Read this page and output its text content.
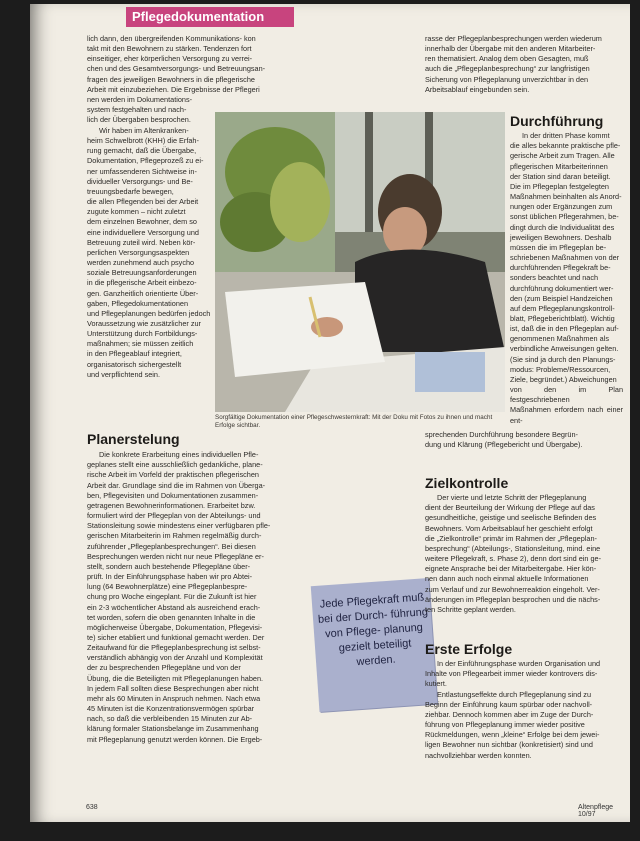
Pflegedokumentation

lich dann, den übergreifenden Kommunikations- kon

takt mit den Bewohnern zu stärken. Tendenzen fort

einseitiger, eher körperlichen Versorgung zu verrei-

chen und des Gesamtversorgungs- und Betreuungsan-

fragen des jeweiligen Bewohners in die pflegerische

Arbeit mit einzubeziehen. Die Ergebnisse der Pflegeri

nen werden im Dokumentations-

system festgehalten und nach-

lich der Übergaben besprochen.

Wir haben im Altenkranken-

heim Schwelbrott (KHH) die Erfah-

rung gemacht, daß die Übergabe,

Dokumentation, Pflegeprozeß zu ei-

ner umfassenderen Sichtweise in-

dividueller Versorgungs- und Be-

treuungsbedarfe bewegen,

die allen Pflegenden bei der Arbeit

zugute kommen – nicht zuletzt

dem einzelnen Bewohner, dem so

eine individuellere Versorgung und

Betreuung zuteil wird. Neben kör-

perlichen Versorgungsaspekten

werden zunehmend auch psycho

soziale Betreuungsanforderungen

in die pflegerische Arbeit einbezo-

gen. Ganzheitlich orientierte Über-

gaben, Pflegedokumentationen

und Pflegeplanungen bedürfen jedoch

Voraussetzung wie zusätzlicher zur

Unterstützung durch Fortbildungs-

maßnahmen; sie müssen zeitlich

in den Pflegeablauf integriert,

organisatorisch sichergestellt

und verpflichtend sein.

rasse der Pflegeplanbesprechungen werden wiederum

innerhalb der Übergabe mit den anderen Mitarbeiter-

ren thematisiert. Analog dem oben Gesagten, muß

auch die „Pflegeplanbesprechung“ zur langfristigen

Sicherung von Pflegeplanung unverzichtbar in den

Arbeitsablauf eingebunden sein.

Sorgfältige Dokumentation einer Pflegeschwesternkraft: Mit der Doku mit Fotos zu ihnen und macht Erfolge sichtbar.
Durchführung

In der dritten Phase kommt

die alles bekannte praktische pfle-

gerische Arbeit zum Tragen. Alle

pflegerischen Mitarbeiterinnen

der Station sind daran beteiligt.

Die im Pflegeplan festgelegten

Maßnahmen beinhalten als Anord-

nungen oder Ergänzungen zum

sonst üblichen Pflegerahmen, be-

dingt durch die Individualität des

jeweiligen Bewohners. Deshalb

müssen die im Pflegeplan be-

schriebenen Maßnahmen von der

durchführenden Pflegekraft be-

sonders beachtet und nach

durchführung dokumentiert wer-

den (zum Beispiel Handzeichen

auf dem Pflegeplanungskontroll-

blatt, Pflegeberichtblatt). Wichtig

ist, daß die in den Pflegeplan auf-

genommenen Maßnahmen als

verbindliche Anweisungen gelten.

(Sie sind ja durch den Planungs-

modus: Probleme/Ressourcen,

Ziele, begründet.) Abweichungen

von den im Plan festgeschriebenen

Maßnahmen erfordern nach einer ent-

sprechenden Durchführung besondere Begrün-

dung und Klärung (Pflegebericht und Übergabe).

Planerstelung

Die konkrete Erarbeitung eines individuellen Pfle-

geplanes stellt eine ausschließlich gedankliche, plane-

rische Arbeit im Vorfeld der praktischen pflegerischen

Arbeit dar. Grundlage sind die im Rahmen von Überga-

ben, Pflegevisiten und Dokumentationen zusammen-

getragenen Bewohnerinformationen. Erarbeitet bzw.

formuliert wird der Pflegeplan von der Abteilungs- und

Stationsleitung sowie mindestens einer verfügbaren pfle-

gerischen Mitarbeiterin im Rahmen regelmäßig durch-

zuführender „Pflegeplanbesprechungen“. Bei diesen

Besprechungen werden nicht nur neue Pflegepläne er-

stellt, sondern auch bestehende Pflegepläne über-

prüft. In der Einführungsphase haben wir pro Abtei-

lung (64 Bewohnerplätze) eine Pflegeplanbespre-

chung pro Woche eingeplant. Für die Zukunft ist hier

ein 2-3 wöchentlicher Abstand als ausreichend erach-

tet worden, sofern die oben genannten Inhalte in die

möglicherweise Übergabe, Dokumentation, Pflegevisi-

te) sicher etabliert und funktional gemacht werden. Der

Zeitaufwand für die Pflegeplanbesprechung ist selbst-

verständlich abhängig von der Anzahl und Komplexität

der zu besprechenden Pflegepläne und von der

Übung, die die Beteiligten mit Pflegeplanungen haben.

In jedem Fall sollten diese Besprechungen aber nicht

mehr als 60 Minuten in Anspruch nehmen. Nach etwa

45 Minuten ist die Konzentrationsvermögen spürbar

nach, so daß die verbleibenden 15 Minuten zur Ab-

klärung formaler Stationsbelange im Zusammenhang

mit Pflegeplanung genutzt werden können. Die Ergeb-

Jede Pflegekraft muß bei der Durch- führung von Pflege- planung gezielt beteiligt werden.
Zielkontrolle

Der vierte und letzte Schritt der Pflegeplanung

dient der Beurteilung der Wirkung der Pflege auf das

gesundheitliche, geistige und seelische Befinden des

Bewohners. Vom Arbeitsablauf her geschieht erfolgt

die „Zielkontrolle“ primär im Rahmen der „Pflegeplan-

besprechung“ (Abteilungs-, Stationsleitung, mind. eine

weitere Pflegekraft, s. Phase 2), denn dort sind ein ge-

eignete Ansprache bei der Mitarbeitergabe. Hier kön-

nen dann auch noch einmal aktuelle Informationen

zum Verlauf und zur Bewohnerreaktion eingeholt. Ver-

änderungen im Pflegeplan besprochen und die nächs-

ten Schritte geplant werden.

Erste Erfolge

In der Einführungsphase wurden Organisation und

Inhalte von Pflegearbeit immer wieder kontrovers dis-

kutiert.

Entlastungseffekte durch Pflegeplanung sind zu

Beginn der Einführung kaum spürbar oder nachvoll-

ziehbar. Dennoch kommen aber im Zuge der Durch-

führung von Pflegeplanung immer wieder positive

Rückmeldungen, wenn „kleine“ Erfolge bei dem jewei-

ligen Bewohner nun sichtbar (konkretisiert) sind und

nachvollziehbar werden konnten.

638	Altenpflege 10/97
